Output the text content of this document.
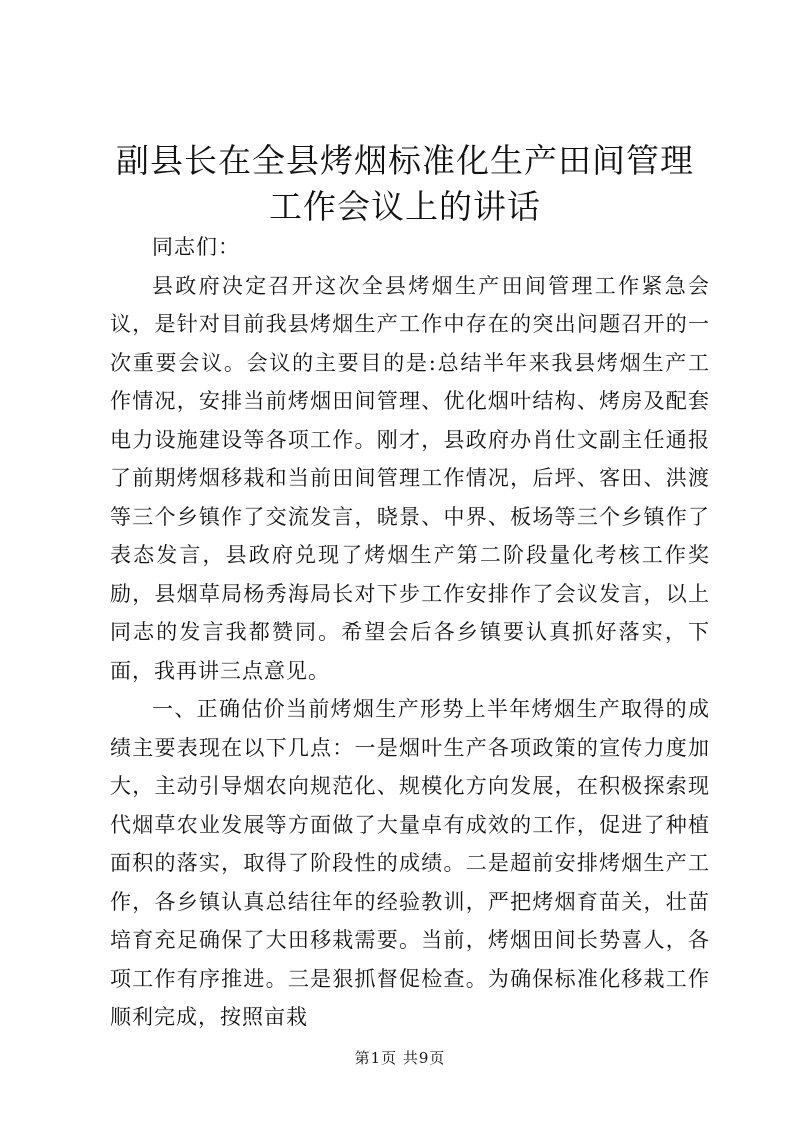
副县长在全县烤烟标准化生产田间管理工作会议上的讲话

同志们：

县政府决定召开这次全县烤烟生产田间管理工作紧急会议，是针对目前我县烤烟生产工作中存在的突出问题召开的一次重要会议。会议的主要目的是:总结半年来我县烤烟生产工作情况，安排当前烤烟田间管理、优化烟叶结构、烤房及配套电力设施建设等各项工作。刚才，县政府办肖仕文副主任通报了前期烤烟移栽和当前田间管理工作情况，后坪、客田、洪渡等三个乡镇作了交流发言，晓景、中界、板场等三个乡镇作了表态发言，县政府兑现了烤烟生产第二阶段量化考核工作奖励，县烟草局杨秀海局长对下步工作安排作了会议发言，以上同志的发言我都赞同。希望会后各乡镇要认真抓好落实，下面，我再讲三点意见。

一、正确估价当前烤烟生产形势上半年烤烟生产取得的成绩主要表现在以下几点：一是烟叶生产各项政策的宣传力度加大，主动引导烟农向规范化、规模化方向发展，在积极探索现代烟草农业发展等方面做了大量卓有成效的工作，促进了种植面积的落实，取得了阶段性的成绩。二是超前安排烤烟生产工作，各乡镇认真总结往年的经验教训，严把烤烟育苗关，壮苗培育充足确保了大田移栽需要。当前，烤烟田间长势喜人，各项工作有序推进。三是狠抓督促检查。为确保标准化移栽工作顺利完成，按照亩栽

第1页 共9页
